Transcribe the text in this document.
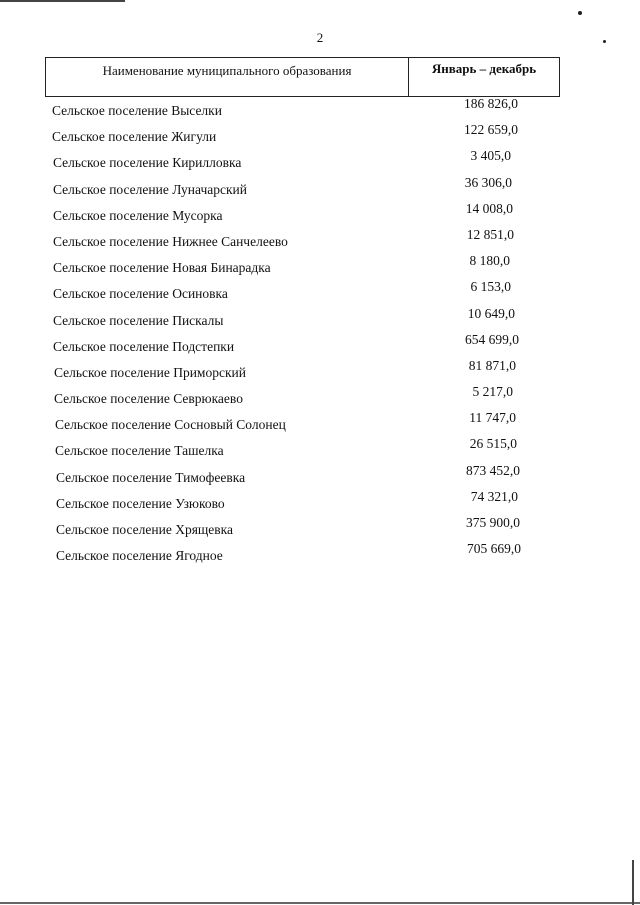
2
Наименование муниципального образования	Январь – декабрь
Сельское поселение Выселки	186 826,0
Сельское поселение Жигули	122 659,0
Сельское поселение Кирилловка	3 405,0
Сельское поселение Луначарский	36 306,0
Сельское поселение Мусорка	14 008,0
Сельское поселение Нижнее Санчелеево	12 851,0
Сельское поселение Новая Бинарадка	8 180,0
Сельское поселение Осиновка	6 153,0
Сельское поселение Пискалы	10 649,0
Сельское поселение Подстепки	654 699,0
Сельское поселение Приморский	81 871,0
Сельское поселение Севрюкаево	5 217,0
Сельское поселение Сосновый Солонец	11 747,0
Сельское поселение Ташелка	26 515,0
Сельское поселение Тимофеевка	873 452,0
Сельское поселение Узюково	74 321,0
Сельское поселение Хрящевка	375 900,0
Сельское поселение Ягодное	705 669,0
